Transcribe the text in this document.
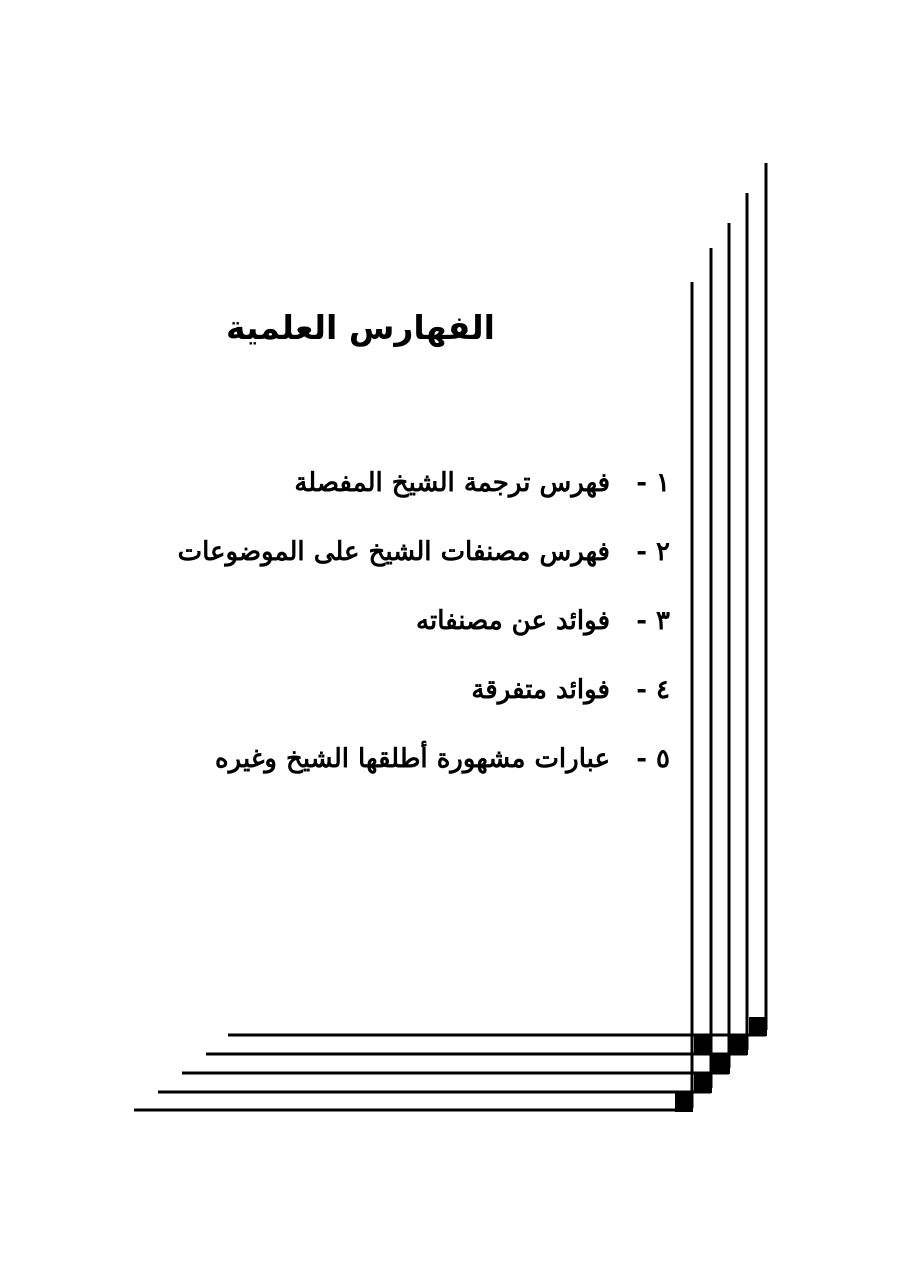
الفهارس العلمية
١ -
فهرس ترجمة الشيخ المفصلة
٢ -
فهرس مصنفات الشيخ على الموضوعات
٣ -
فوائد عن مصنفاته
٤ -
فوائد متفرقة
٥ -
عبارات مشهورة أطلقها الشيخ وغيره
